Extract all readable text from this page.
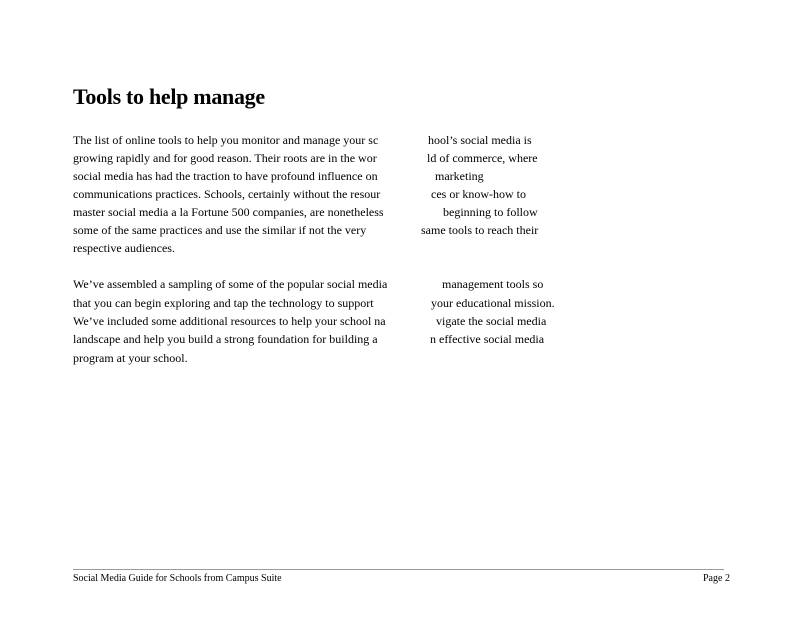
Tools to help manage
The list of online tools to help you monitor and manage your sc	hool’s social media is
growing rapidly and for good reason. Their roots are in the wor	ld of commerce, where
social media has had the traction to have profound influence on	marketing
communications practices. Schools, certainly without the resour	ces or know-how to
master social media a la Fortune 500 companies, are nonetheless	beginning to follow
some of the same practices and use the similar if not the very	same tools to reach their
respective audiences.
We’ve assembled a sampling of some of the popular social media	management tools so
that you can begin exploring and tap the technology to support	your educational mission.
We’ve included some additional resources to help your school na	vigate the social media
landscape and help you build a strong foundation for building a	n effective social media
program at your school.
Social Media Guide for Schools from Campus Suite	Page 2
